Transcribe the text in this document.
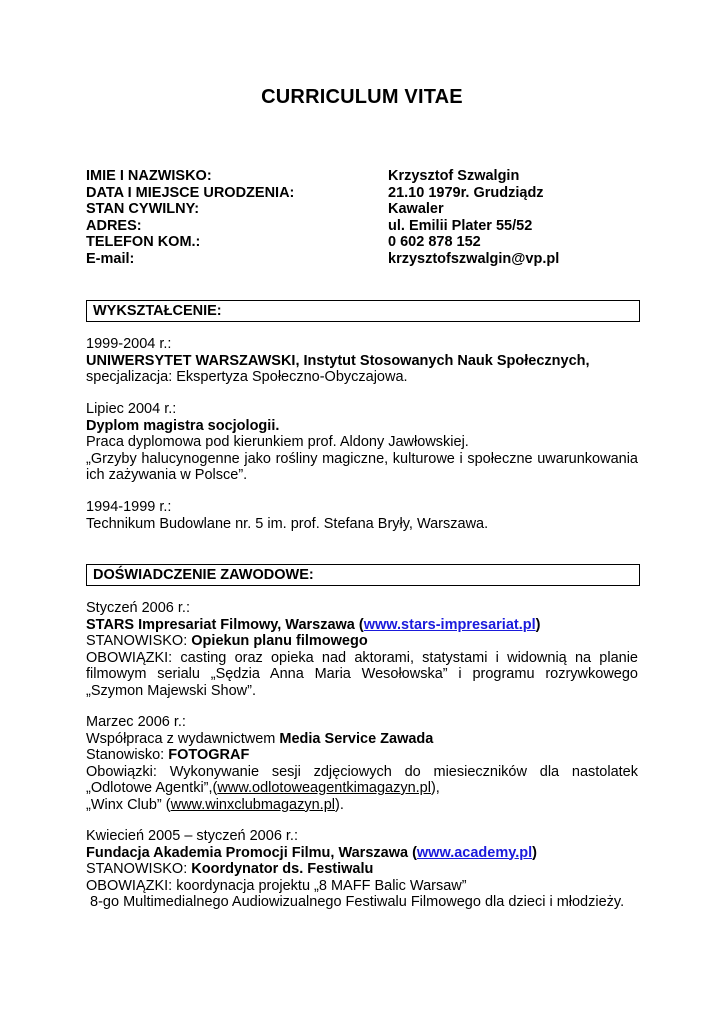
CURRICULUM VITAE
IMIE I NAZWISKO:	Krzysztof Szwalgin
DATA I MIEJSCE URODZENIA:	21.10 1979r. Grudziądz
STAN CYWILNY:	Kawaler
ADRES:	ul. Emilii Plater 55/52
TELEFON KOM.:	0 602 878 152
E-mail:	krzysztofszwalgin@vp.pl
WYKSZTAŁCENIE:

1999-2004 r.:

UNIWERSYTET WARSZAWSKI, Instytut Stosowanych Nauk Społecznych,

specjalizacja: Ekspertyza Społeczno-Obyczajowa.

Lipiec 2004 r.:

Dyplom magistra socjologii.

Praca dyplomowa pod kierunkiem prof. Aldony Jawłowskiej.

„Grzyby halucynogenne jako rośliny magiczne, kulturowe i społeczne uwarunkowania ich zażywania w Polsce”.

1994-1999 r.:

Technikum Budowlane nr. 5 im. prof. Stefana Bryły, Warszawa.

DOŚWIADCZENIE ZAWODOWE:

Styczeń 2006 r.:

STARS Impresariat Filmowy, Warszawa (www.stars-impresariat.pl)

STANOWISKO: Opiekun planu filmowego

OBOWIĄZKI: casting oraz opieka nad aktorami, statystami i widownią na planie filmowym serialu „Sędzia Anna Maria Wesołowska” i programu rozrywkowego „Szymon Majewski Show”.

Marzec 2006 r.:

Współpraca z wydawnictwem Media Service Zawada

Stanowisko: FOTOGRAF

Obowiązki: Wykonywanie sesji zdjęciowych do miesieczników dla nastolatek

„Odlotowe Agentki”,(www.odlotoweagentkimagazyn.pl),

„Winx Club” (www.winxclubmagazyn.pl).

Kwiecień 2005 – styczeń 2006 r.:

Fundacja Akademia Promocji Filmu, Warszawa (www.academy.pl)

STANOWISKO: Koordynator ds. Festiwalu

OBOWIĄZKI: koordynacja projektu „8 MAFF Balic Warsaw”

8-go Multimedialnego Audiowizualnego Festiwalu Filmowego dla dzieci i młodzieży.
